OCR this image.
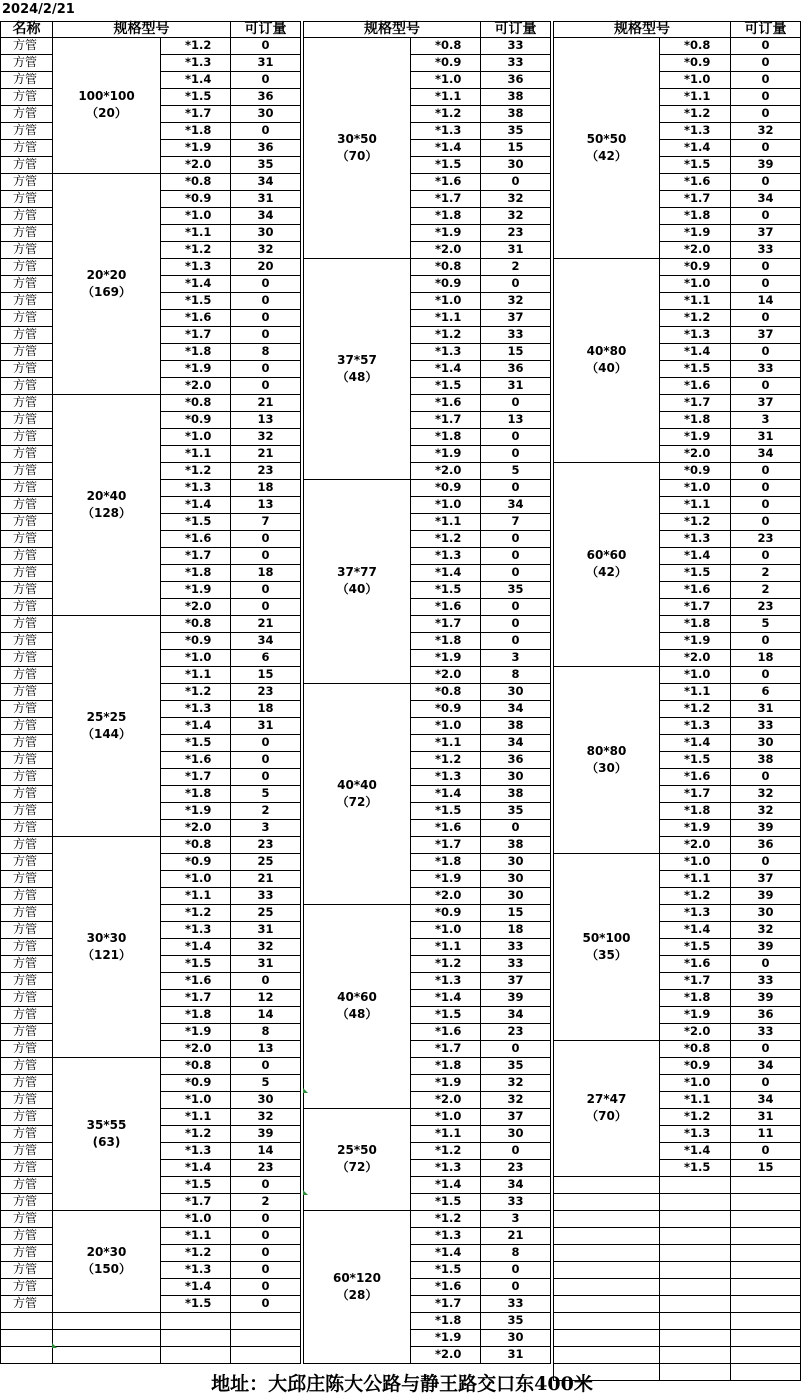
2024/2/21
名称	规格型号	可订量
100*100
（20）
方管	*1.2	0
方管	*1.3	31
方管	*1.4	0
方管	*1.5	36
方管	*1.7	30
方管	*1.8	0
方管	*1.9	36
方管	*2.0	35
20*20
（169）
方管	*0.8	34
方管	*0.9	31
方管	*1.0	34
方管	*1.1	30
方管	*1.2	32
方管	*1.3	20
方管	*1.4	0
方管	*1.5	0
方管	*1.6	0
方管	*1.7	0
方管	*1.8	8
方管	*1.9	0
方管	*2.0	0
20*40
（128）
方管	*0.8	21
方管	*0.9	13
方管	*1.0	32
方管	*1.1	21
方管	*1.2	23
方管	*1.3	18
方管	*1.4	13
方管	*1.5	7
方管	*1.6	0
方管	*1.7	0
方管	*1.8	18
方管	*1.9	0
方管	*2.0	0
25*25
（144）
方管	*0.8	21
方管	*0.9	34
方管	*1.0	6
方管	*1.1	15
方管	*1.2	23
方管	*1.3	18
方管	*1.4	31
方管	*1.5	0
方管	*1.6	0
方管	*1.7	0
方管	*1.8	5
方管	*1.9	2
方管	*2.0	3
30*30
（121）
方管	*0.8	23
方管	*0.9	25
方管	*1.0	21
方管	*1.1	33
方管	*1.2	25
方管	*1.3	31
方管	*1.4	32
方管	*1.5	31
方管	*1.6	0
方管	*1.7	12
方管	*1.8	14
方管	*1.9	8
方管	*2.0	13
35*55
(63)
方管	*0.8	0
方管	*0.9	5
方管	*1.0	30
方管	*1.1	32
方管	*1.2	39
方管	*1.3	14
方管	*1.4	23
方管	*1.5	0
方管	*1.7	2
20*30
（150）
方管	*1.0	0
方管	*1.1	0
方管	*1.2	0
方管	*1.3	0
方管	*1.4	0
方管	*1.5	0
规格型号	可订量
30*50
（70）
*0.8	33
*0.9	33
*1.0	36
*1.1	38
*1.2	38
*1.3	35
*1.4	15
*1.5	30
*1.6	0
*1.7	32
*1.8	32
*1.9	23
*2.0	31
37*57
（48）
*0.8	2
*0.9	0
*1.0	32
*1.1	37
*1.2	33
*1.3	15
*1.4	36
*1.5	31
*1.6	0
*1.7	13
*1.8	0
*1.9	0
*2.0	5
37*77
（40）
*0.9	0
*1.0	34
*1.1	7
*1.2	0
*1.3	0
*1.4	0
*1.5	35
*1.6	0
*1.7	0
*1.8	0
*1.9	3
*2.0	8
40*40
（72）
*0.8	30
*0.9	34
*1.0	38
*1.1	34
*1.2	36
*1.3	30
*1.4	38
*1.5	35
*1.6	0
*1.7	38
*1.8	30
*1.9	30
*2.0	30
40*60
（48）
*0.9	15
*1.0	18
*1.1	33
*1.2	33
*1.3	37
*1.4	39
*1.5	34
*1.6	23
*1.7	0
*1.8	35
*1.9	32
*2.0	32
25*50
（72）
*1.0	37
*1.1	30
*1.2	0
*1.3	23
*1.4	34
*1.5	33
60*120
（28）
*1.2	3
*1.3	21
*1.4	8
*1.5	0
*1.6	0
*1.7	33
*1.8	35
*1.9	30
*2.0	31
规格型号	可订量
50*50
（42）
*0.8	0
*0.9	0
*1.0	0
*1.1	0
*1.2	0
*1.3	32
*1.4	0
*1.5	39
*1.6	0
*1.7	34
*1.8	0
*1.9	37
*2.0	33
40*80
（40）
*0.9	0
*1.0	0
*1.1	14
*1.2	0
*1.3	37
*1.4	0
*1.5	33
*1.6	0
*1.7	37
*1.8	3
*1.9	31
*2.0	34
60*60
（42）
*0.9	0
*1.0	0
*1.1	0
*1.2	0
*1.3	23
*1.4	0
*1.5	2
*1.6	2
*1.7	23
*1.8	5
*1.9	0
*2.0	18
80*80
（30）
*1.0	0
*1.1	6
*1.2	31
*1.3	33
*1.4	30
*1.5	38
*1.6	0
*1.7	32
*1.8	32
*1.9	39
*2.0	36
50*100
（35）
*1.0	0
*1.1	37
*1.2	39
*1.3	30
*1.4	32
*1.5	39
*1.6	0
*1.7	33
*1.8	39
*1.9	36
*2.0	33
27*47
（70）
*0.8	0
*0.9	34
*1.0	0
*1.1	34
*1.2	31
*1.3	11
*1.4	0
*1.5	15
地址：大邱庄陈大公路与静王路交口东400米
